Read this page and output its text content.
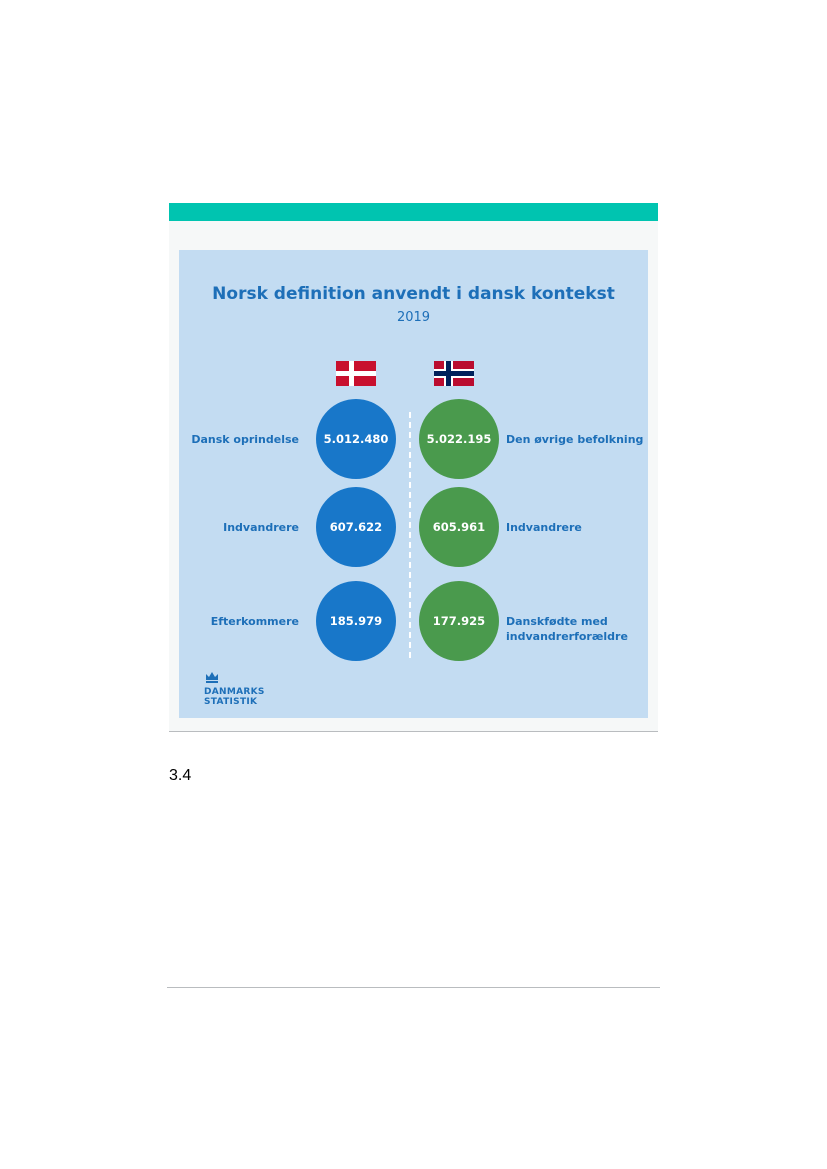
Norsk definition anvendt i dansk kontekst
2019
Dansk oprindelse	5.012.480	5.022.195	Den øvrige befolkning
Indvandrere	607.622	605.961	Indvandrere
Efterkommere	185.979	177.925	Danskfødte med indvandrerforældre
DANMARKS
STATISTIK
3.4
